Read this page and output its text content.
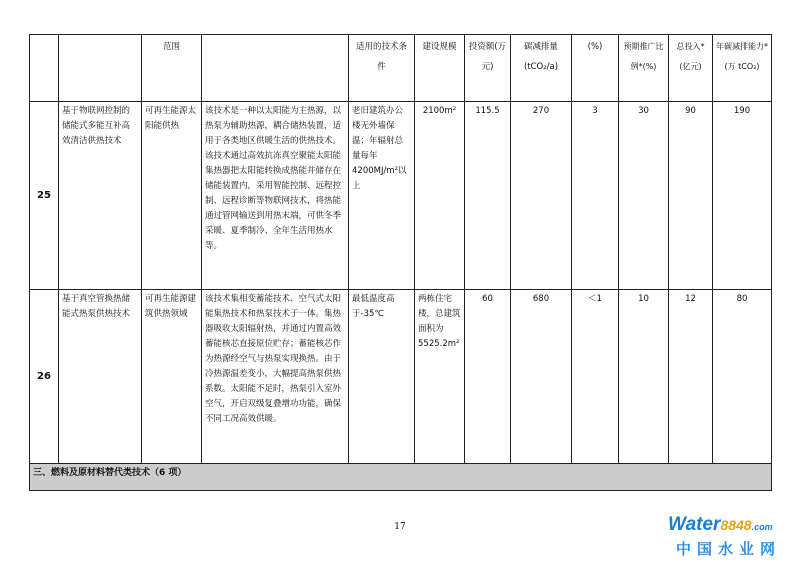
		范围		适用的技术条件	建设规模	投资额(万元)	碳减排量(tCO₂/a)	(%)	预期推广比例*(%)	总投入*(亿元)	年碳减排能力*(万 tCO₂)
25	基于物联网控制的储能式多能互补高效清洁供热技术	可再生能源太阳能供热	该技术是一种以太阳能为主热源，以热泵为辅助热源，耦合储热装置，适用于各类地区供暖生活的供热技术。该技术通过高效抗冻真空聚能太阳能集热器把太阳能转换成热能并储存在储能装置内，采用智能控制、远程控制、远程诊断等物联网技术，将热能通过管网输送到用热末端，可供冬季采暖、夏季制冷、全年生活用热水等。	老旧建筑办公楼无外墙保温；年辐射总量每年4200MJ/m²以上	2100m²	115.5	270	3	30	90	190
26	基于真空管换热储能式热泵供热技术	可再生能源建筑供热领域	该技术集相变蓄能技术、空气式太阳能集热技术和热泵技术于一体。集热器吸收太阳辐射热，并通过内置高效蓄能核芯直接原位贮存；蓄能核芯作为热源经空气与热泵实现换热。由于冷热源温差变小，大幅提高热泵供热系数。太阳能不足时，热泵引入室外空气，开启双级复叠增功功能，确保不同工况高效供暖。	最低温度高于-35℃	两栋住宅楼，总建筑面积为5525.2m²	60	680	＜1	10	12	80
三、燃料及原材料替代类技术（6 项）											
17	Water8848.com
中国水业网
